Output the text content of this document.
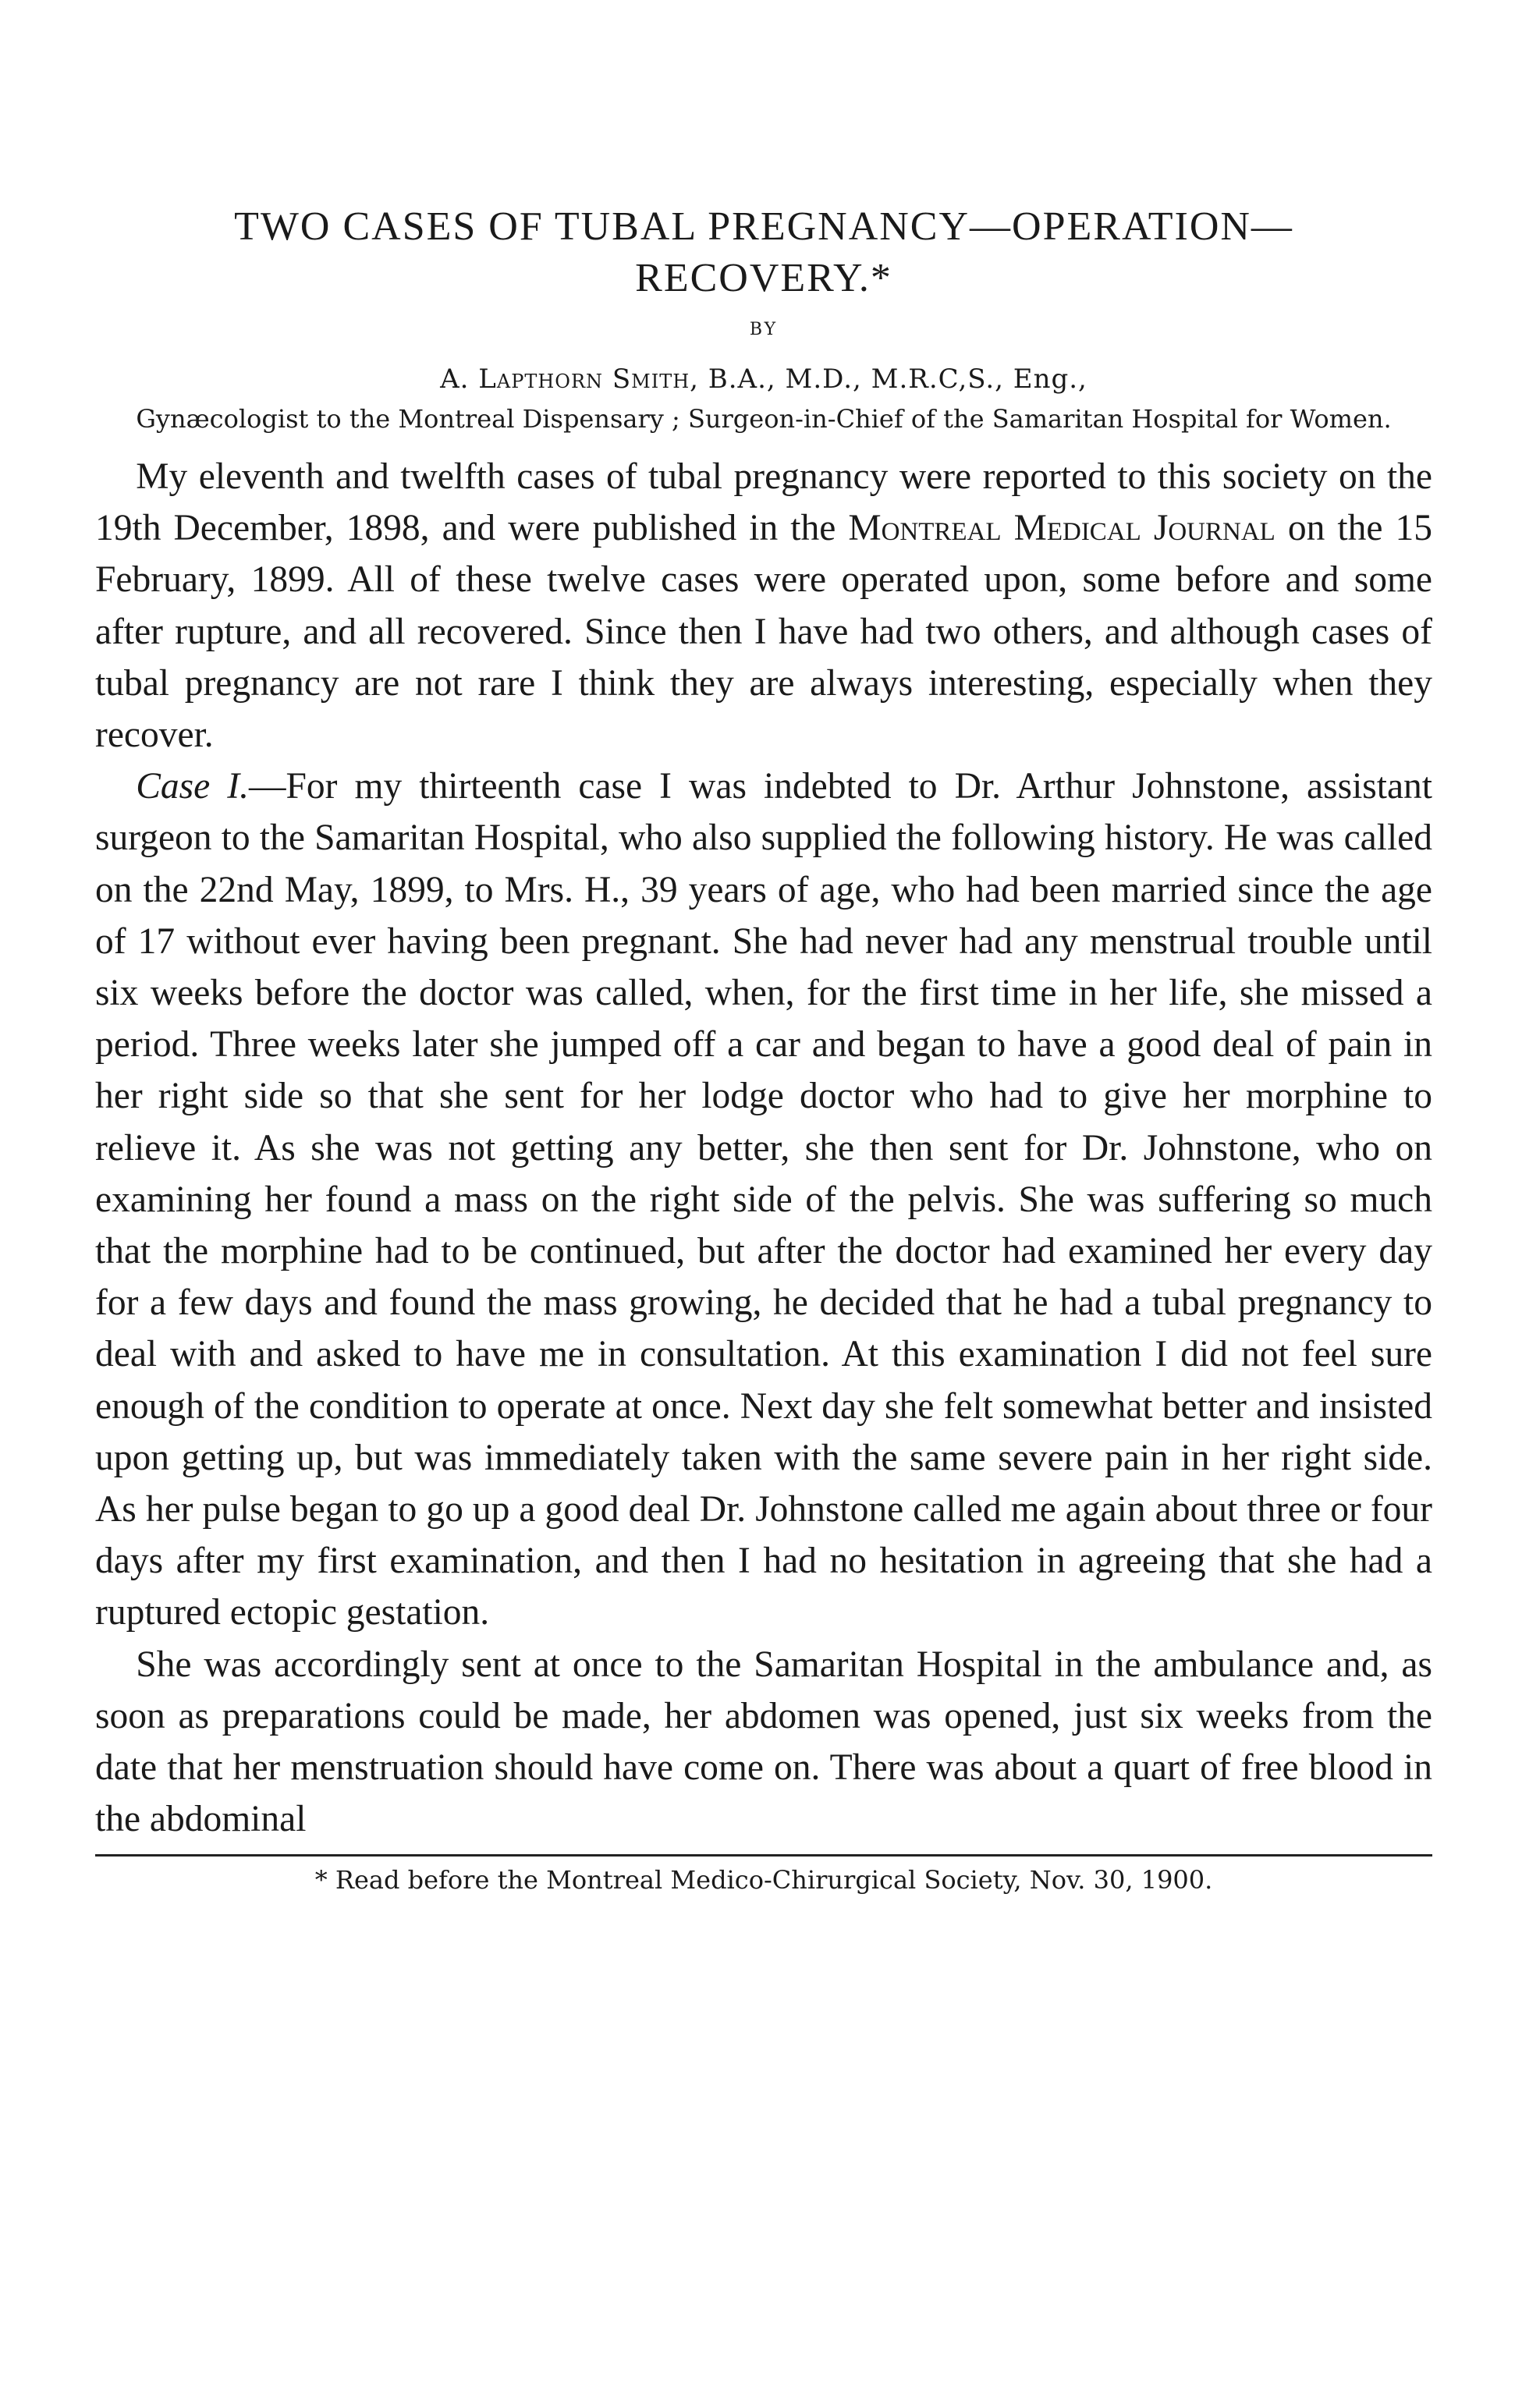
TWO CASES OF TUBAL PREGNANCY—OPERATION—
RECOVERY.*
BY
A. Lapthorn Smith, B.A., M.D., M.R.C,S., Eng.,
Gynæcologist to the Montreal Dispensary ; Surgeon-in-Chief of the Samaritan Hospital for Women.

My eleventh and twelfth cases of tubal pregnancy were reported to this society on the 19th December, 1898, and were published in the Montreal Medical Journal on the 15 February, 1899. All of these twelve cases were operated upon, some before and some after rupture, and all recovered. Since then I have had two others, and although cases of tubal pregnancy are not rare I think they are always interesting, especially when they recover.

Case I.—For my thirteenth case I was indebted to Dr. Arthur Johnstone, assistant surgeon to the Samaritan Hospital, who also supplied the following history. He was called on the 22nd May, 1899, to Mrs. H., 39 years of age, who had been married since the age of 17 without ever having been pregnant. She had never had any menstrual trouble until six weeks before the doctor was called, when, for the first time in her life, she missed a period. Three weeks later she jumped off a car and began to have a good deal of pain in her right side so that she sent for her lodge doctor who had to give her morphine to relieve it. As she was not getting any better, she then sent for Dr. Johnstone, who on examining her found a mass on the right side of the pelvis. She was suffering so much that the morphine had to be continued, but after the doctor had examined her every day for a few days and found the mass growing, he decided that he had a tubal pregnancy to deal with and asked to have me in consultation. At this examination I did not feel sure enough of the condition to operate at once. Next day she felt somewhat better and insisted upon getting up, but was immediately taken with the same severe pain in her right side. As her pulse began to go up a good deal Dr. Johnstone called me again about three or four days after my first examination, and then I had no hesitation in agreeing that she had a ruptured ectopic gestation.

She was accordingly sent at once to the Samaritan Hospital in the ambulance and, as soon as preparations could be made, her abdomen was opened, just six weeks from the date that her menstruation should have come on. There was about a quart of free blood in the abdominal

* Read before the Montreal Medico-Chirurgical Society, Nov. 30, 1900.
